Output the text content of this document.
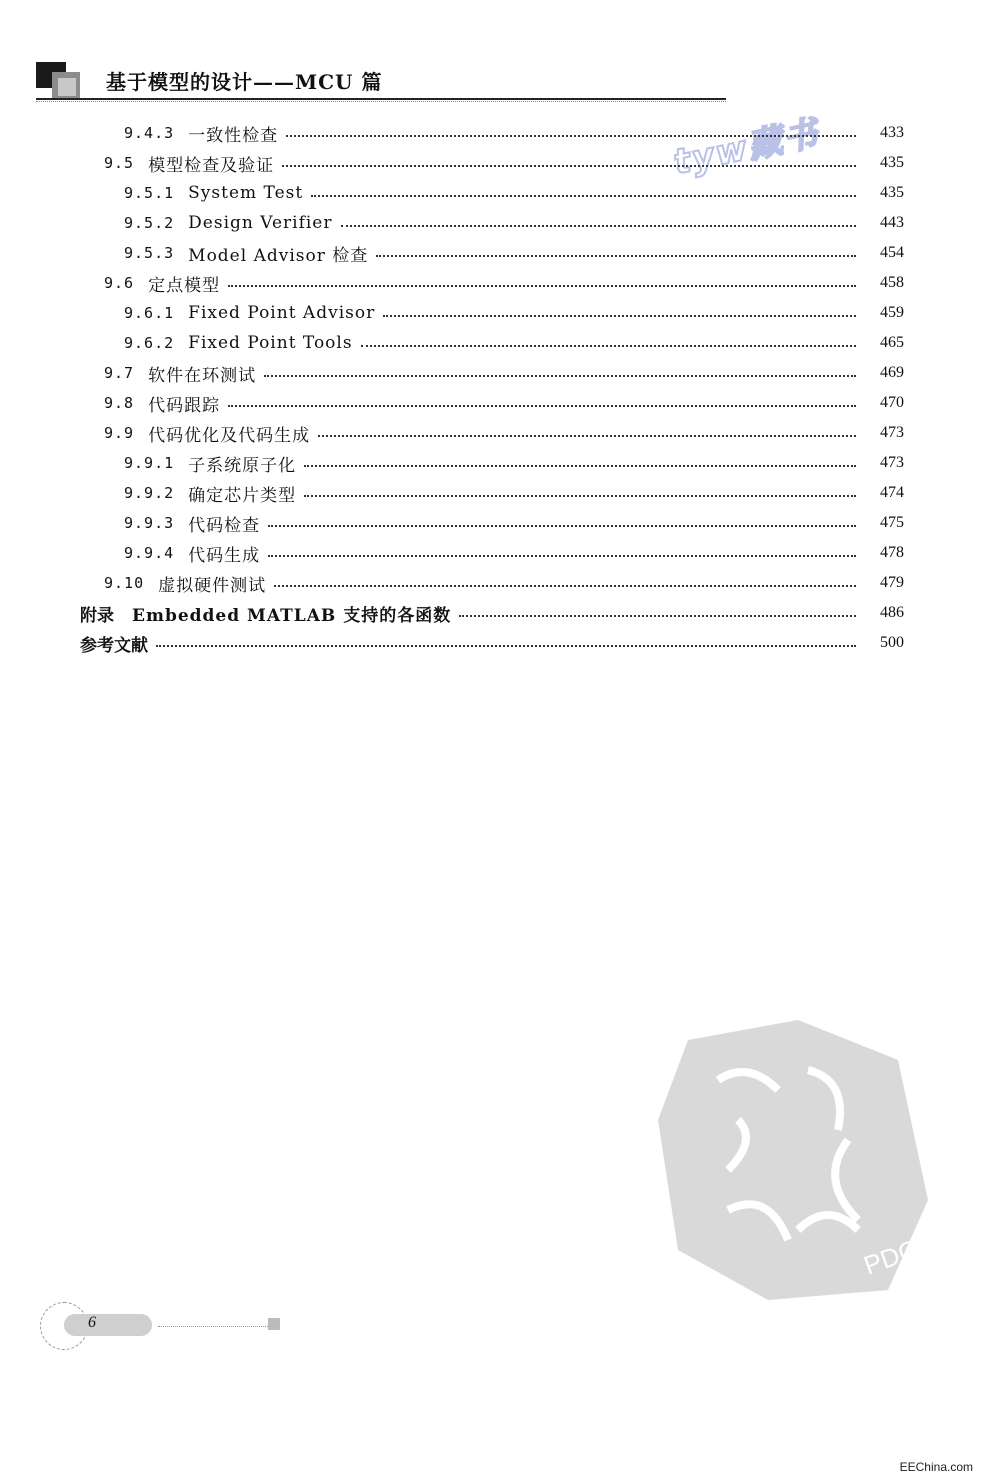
基于模型的设计——MCU 篇
tyw藏书
9.4.3 一致性检查	433
9.5 模型检查及验证	435
9.5.1 System Test	435
9.5.2 Design Verifier	443
9.5.3 Model Advisor 检查	454
9.6 定点模型	458
9.6.1 Fixed Point Advisor	459
9.6.2 Fixed Point Tools	465
9.7 软件在环测试	469
9.8 代码跟踪	470
9.9 代码优化及代码生成	473
9.9.1 子系统原子化	473
9.9.2 确定芯片类型	474
9.9.3 代码检查	475
9.9.4 代码生成	478
9.10 虚拟硬件测试	479
附录 Embedded MATLAB 支持的各函数	486
参考文献	500
PDG
6
EEChina.com
